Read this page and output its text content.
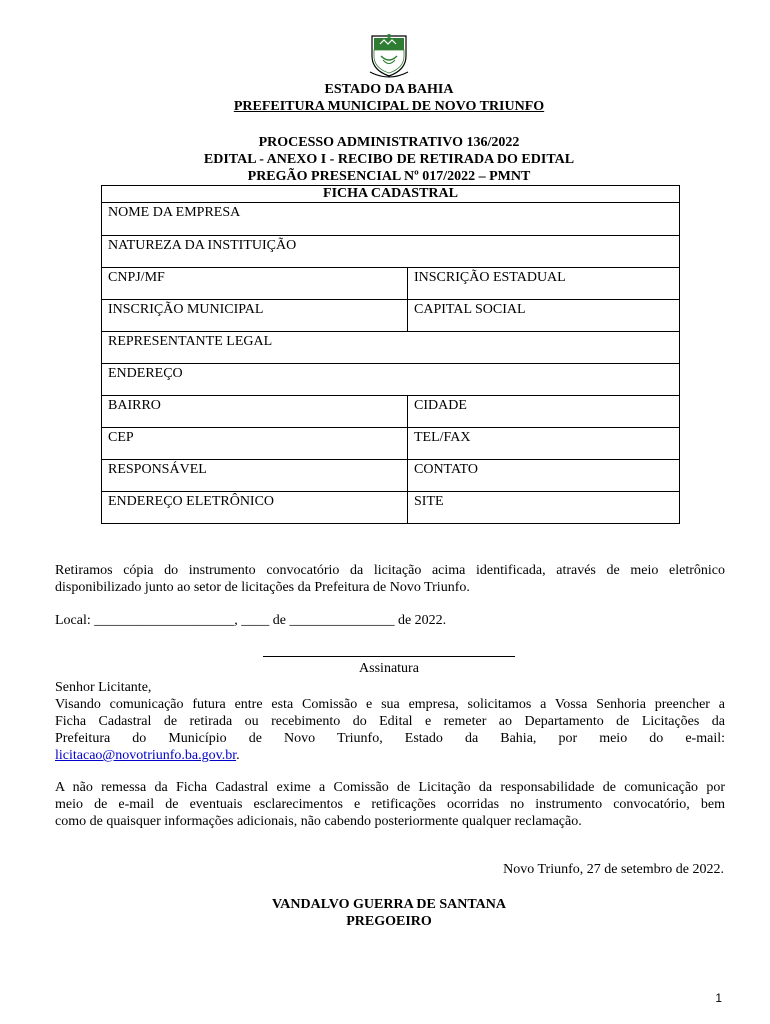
ESTADO DA BAHIA
PREFEITURA MUNICIPAL DE NOVO TRIUNFO
PROCESSO ADMINISTRATIVO 136/2022
EDITAL - ANEXO I - RECIBO DE RETIRADA DO EDITAL
PREGÃO PRESENCIAL Nº 017/2022 – PMNT
FICHA CADASTRAL	
NOME DA EMPRESA	
NATUREZA DA INSTITUIÇÃO	
CNPJ/MF	INSCRIÇÃO ESTADUAL
INSCRIÇÃO MUNICIPAL	CAPITAL SOCIAL
REPRESENTANTE LEGAL	
ENDEREÇO	
BAIRRO	CIDADE
CEP	TEL/FAX
RESPONSÁVEL	CONTATO
ENDEREÇO ELETRÔNICO	SITE
Retiramos cópia do instrumento convocatório da licitação acima identificada, através de meio eletrônico
disponibilizado junto ao setor de licitações da Prefeitura de Novo Triunfo.
Local: ____________________, ____ de _______________ de 2022.
Assinatura
Senhor Licitante,
Visando comunicação futura entre esta Comissão e sua empresa, solicitamos a Vossa Senhoria preencher a
Ficha Cadastral de retirada ou recebimento do Edital e remeter ao Departamento de Licitações da
Prefeitura do Município de Novo Triunfo, Estado da Bahia, por meio do e-mail:
licitacao@novotriunfo.ba.gov.br.
A não remessa da Ficha Cadastral exime a Comissão de Licitação da responsabilidade de comunicação por
meio de e-mail de eventuais esclarecimentos e retificações ocorridas no instrumento convocatório, bem
como de quaisquer informações adicionais, não cabendo posteriormente qualquer reclamação.
Novo Triunfo, 27 de setembro de 2022.
VANDALVO GUERRA DE SANTANA
PREGOEIRO
1
